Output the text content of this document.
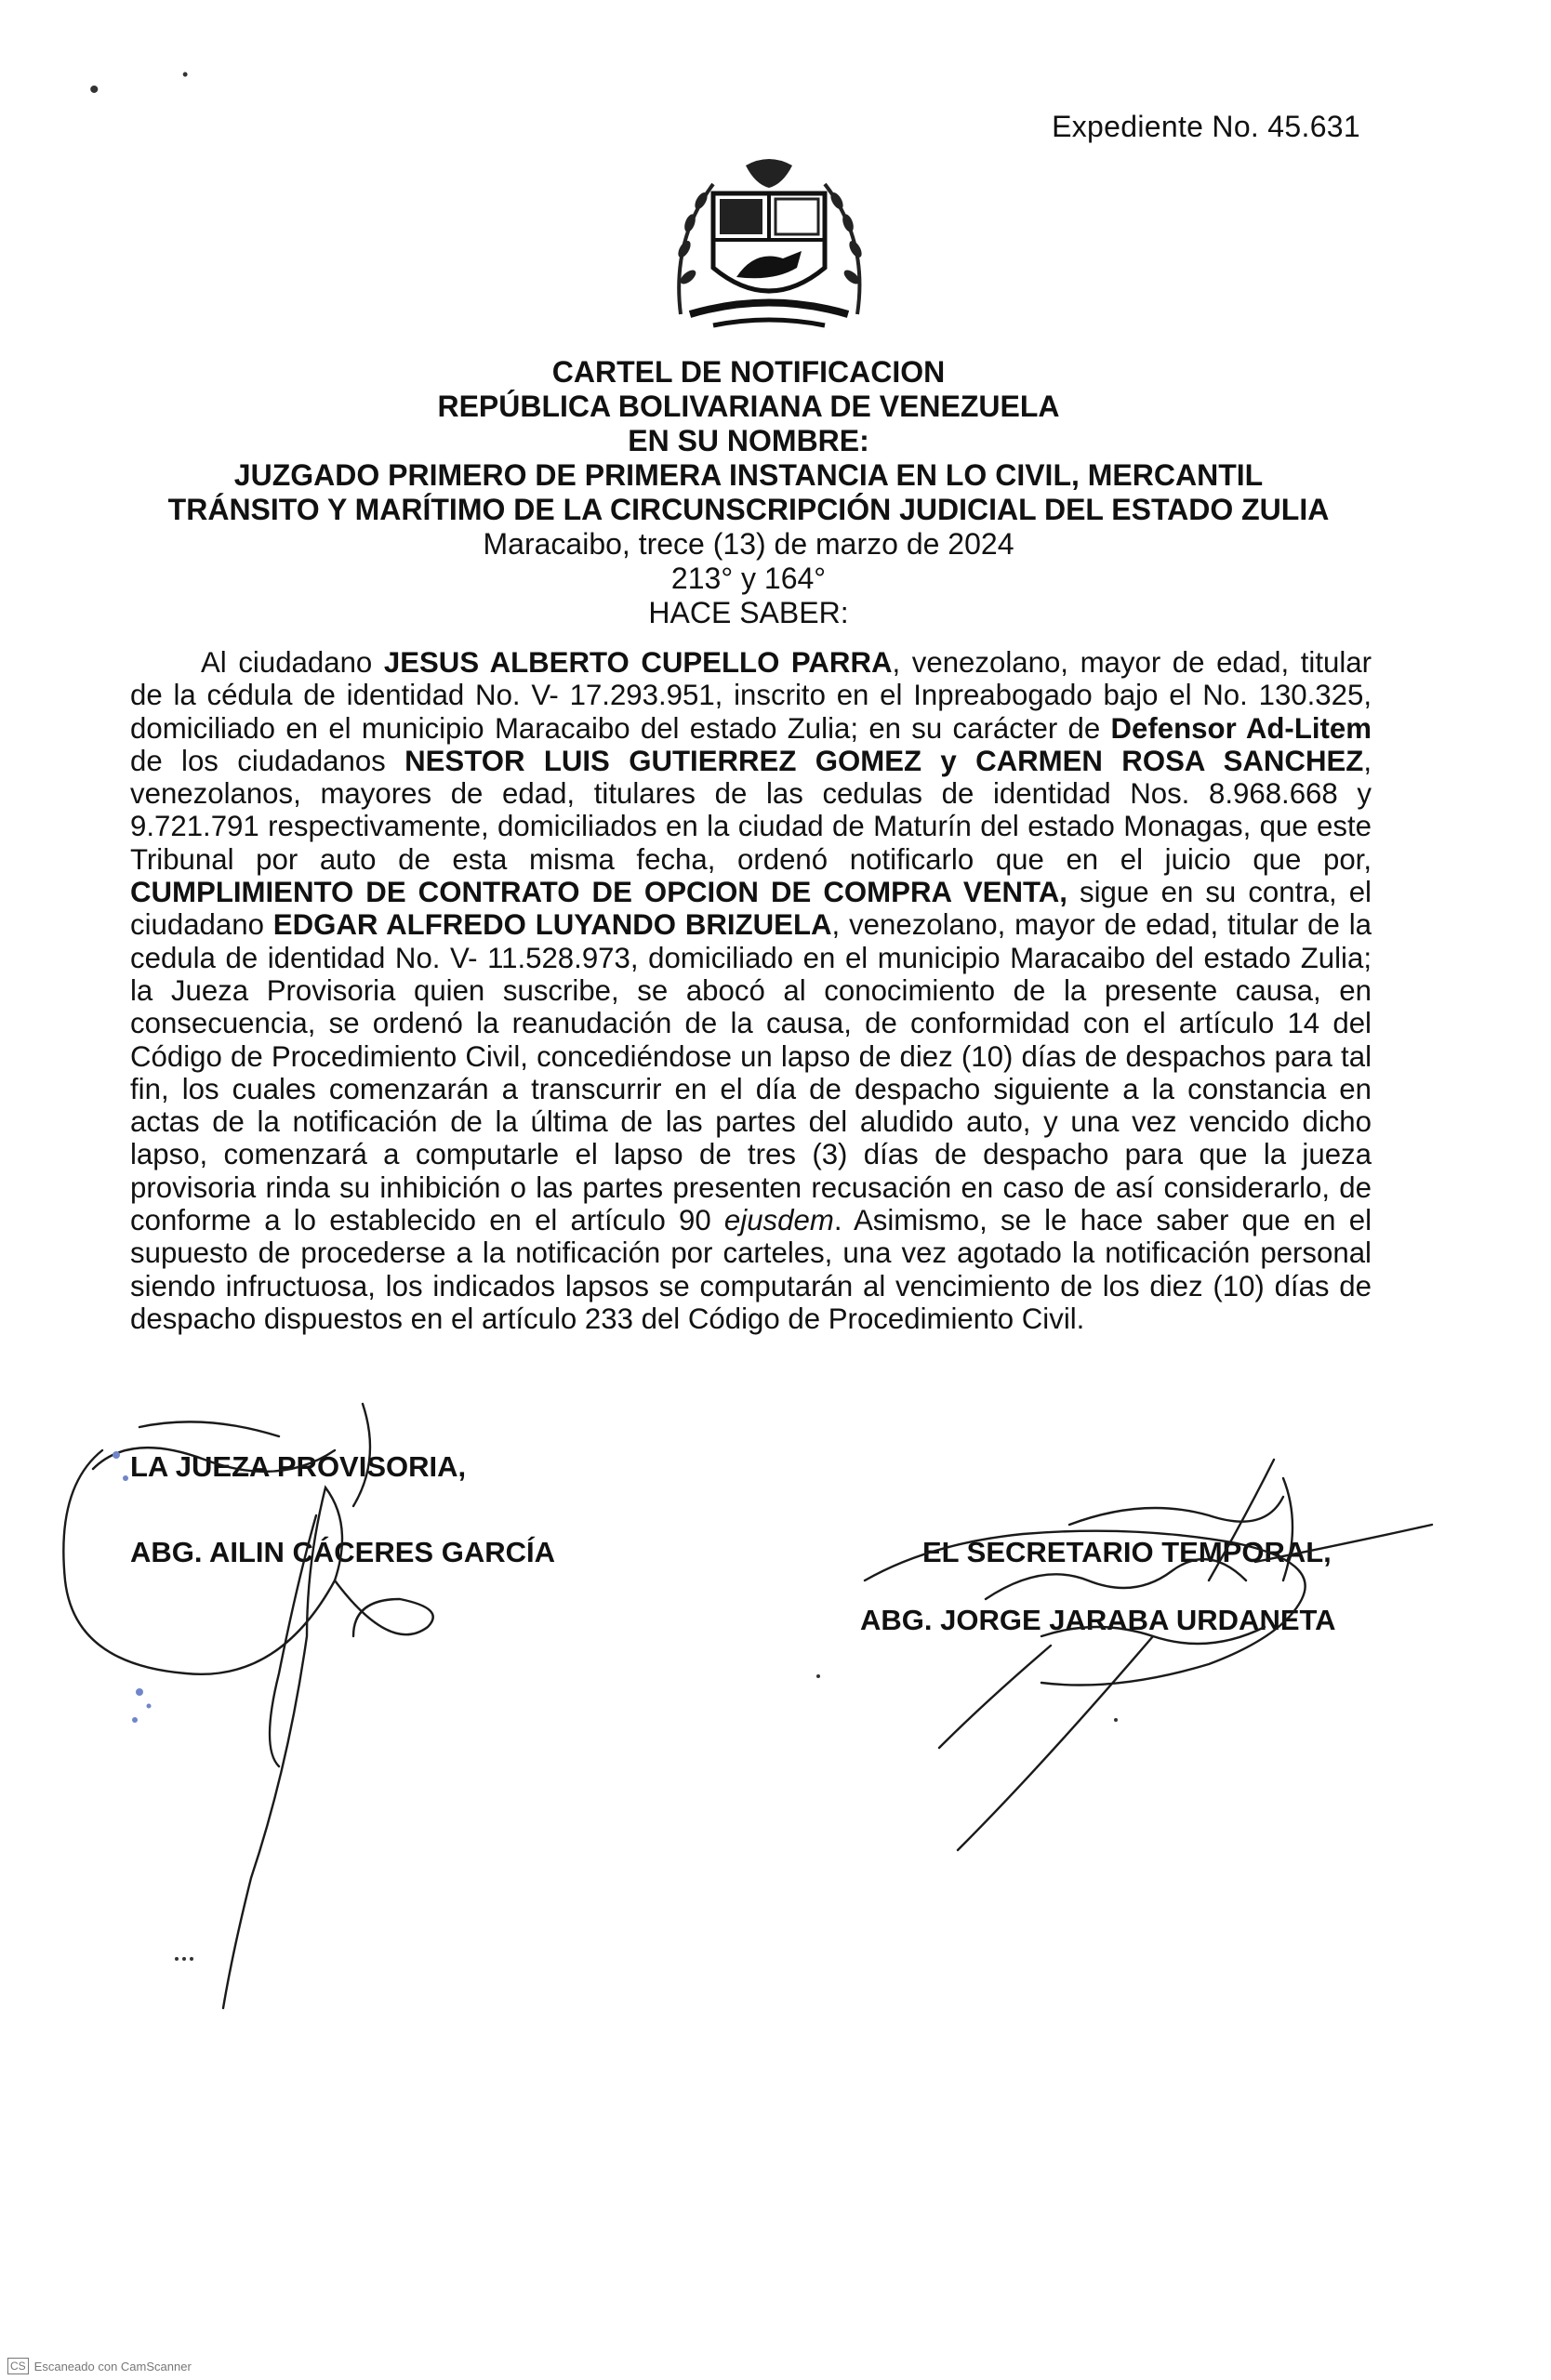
•	•
Expediente No. 45.631
CARTEL DE NOTIFICACION
REPÚBLICA BOLIVARIANA DE VENEZUELA
EN SU NOMBRE:
JUZGADO PRIMERO DE PRIMERA INSTANCIA EN LO CIVIL, MERCANTIL
TRÁNSITO Y MARÍTIMO DE LA CIRCUNSCRIPCIÓN JUDICIAL DEL ESTADO ZULIA
Maracaibo, trece (13) de marzo de 2024
213° y 164°
HACE SABER:

Al ciudadano JESUS ALBERTO CUPELLO PARRA, venezolano, mayor de edad, titular de la cédula de identidad No. V- 17.293.951, inscrito en el Inpreabogado bajo el No. 130.325, domiciliado en el municipio Maracaibo del estado Zulia; en su carácter de Defensor Ad-Litem de los ciudadanos NESTOR LUIS GUTIERREZ GOMEZ y CARMEN ROSA SANCHEZ, venezolanos, mayores de edad, titulares de las cedulas de identidad Nos. 8.968.668 y 9.721.791 respectivamente, domiciliados en la ciudad de Maturín del estado Monagas, que este Tribunal por auto de esta misma fecha, ordenó notificarlo que en el juicio que por, CUMPLIMIENTO DE CONTRATO DE OPCION DE COMPRA VENTA, sigue en su contra, el ciudadano EDGAR ALFREDO LUYANDO BRIZUELA, venezolano, mayor de edad, titular de la cedula de identidad No. V- 11.528.973, domiciliado en el municipio Maracaibo del estado Zulia; la Jueza Provisoria quien suscribe, se abocó al conocimiento de la presente causa, en consecuencia, se ordenó la reanudación de la causa, de conformidad con el artículo 14 del Código de Procedimiento Civil, concediéndose un lapso de diez (10) días de despachos para tal fin, los cuales comenzarán a transcurrir en el día de despacho siguiente a la constancia en actas de la notificación de la última de las partes del aludido auto, y una vez vencido dicho lapso, comenzará a computarle el lapso de tres (3) días de despacho para que la jueza provisoria rinda su inhibición o las partes presenten recusación en caso de así considerarlo, de conforme a lo establecido en el artículo 90 ejusdem. Asimismo, se le hace saber que en el supuesto de procederse a la notificación por carteles, una vez agotado la notificación personal siendo infructuosa, los indicados lapsos se computarán al vencimiento de los diez (10) días de despacho dispuestos en el artículo 233 del Código de Procedimiento Civil.

LA JUEZA PROVISORIA,
ABG. AILIN CÁCERES GARCÍA	EL SECRETARIO TEMPORAL,
ABG. JORGE JARABA URDANETA
CS Escaneado con CamScanner
